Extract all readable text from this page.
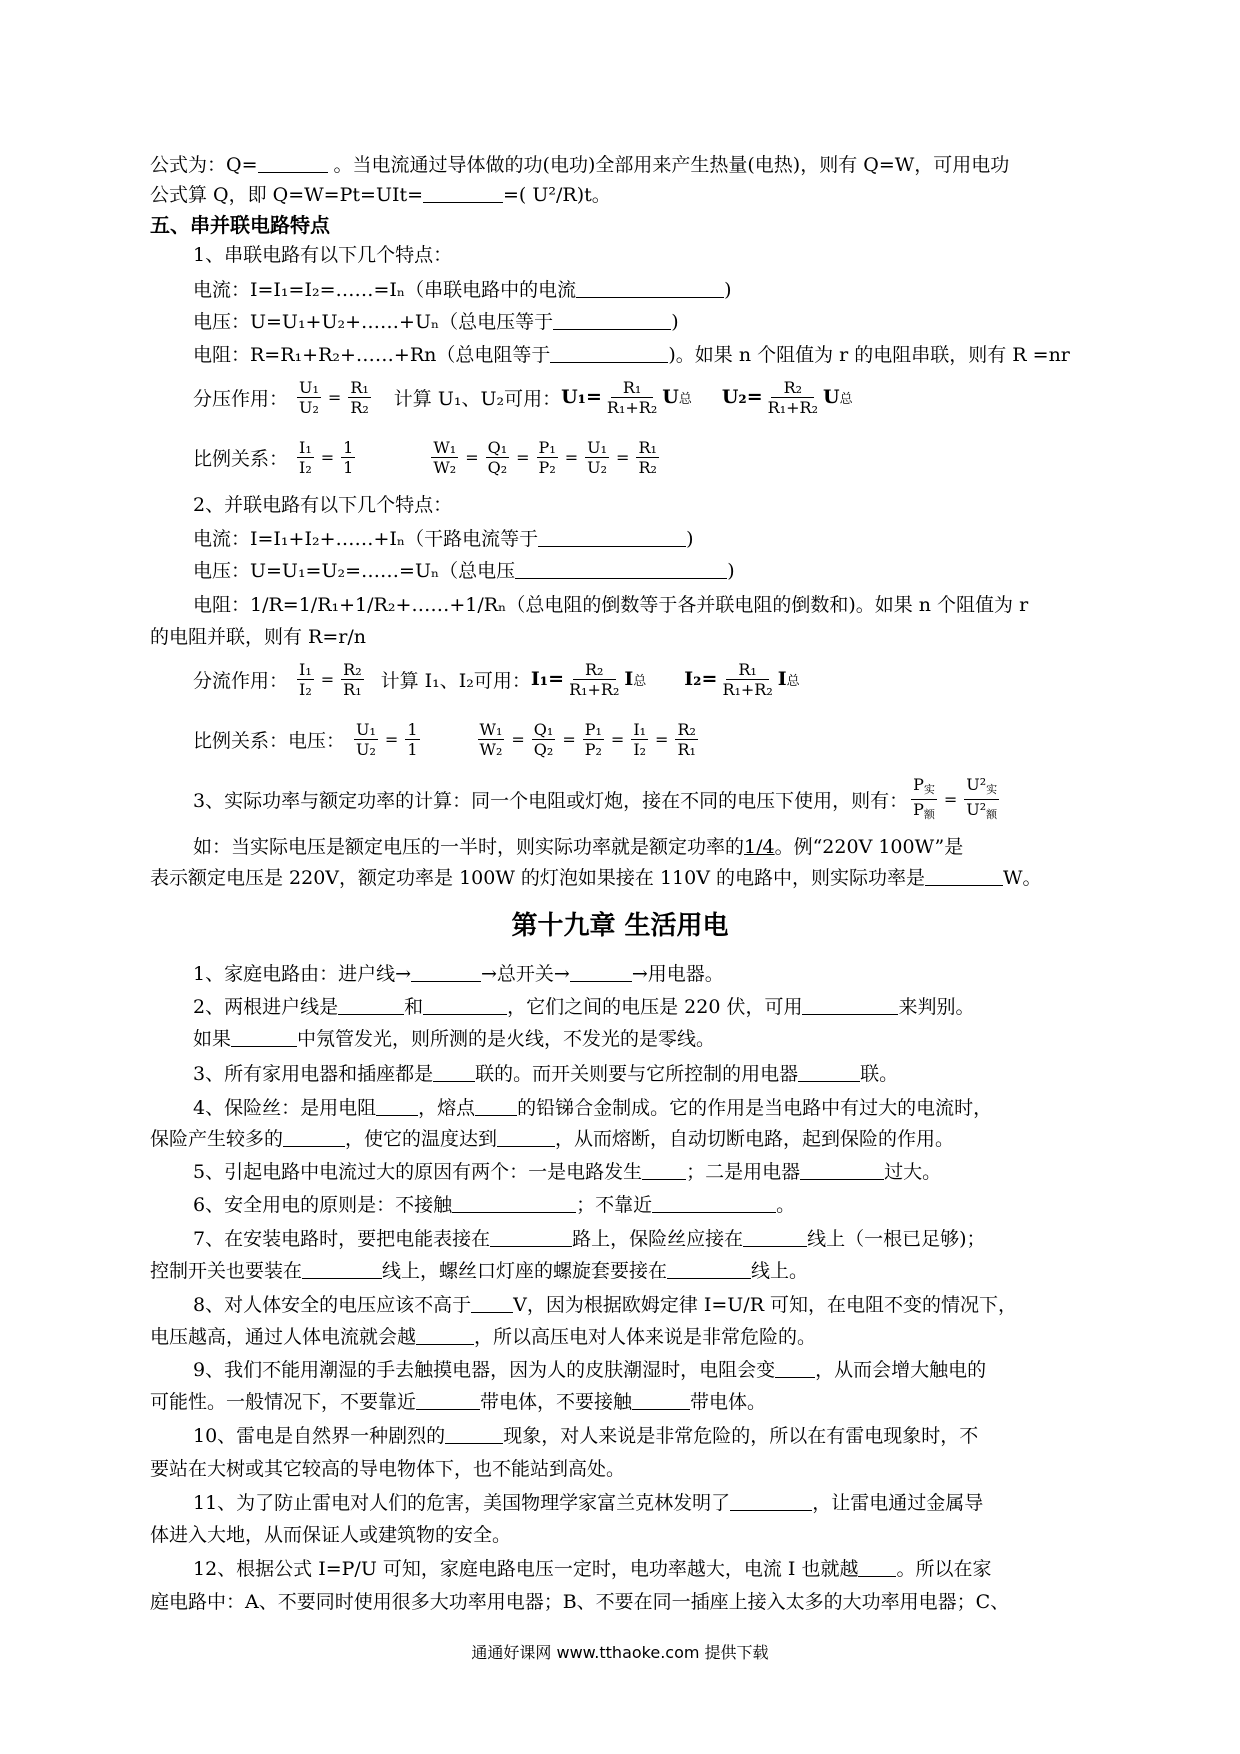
公式为：Q=	。当电流通过导体做的功(电功)全部用来产生热量(电热)，则有 Q=W，可用电功
公式算 Q，即 Q=W=Pt=UIt=	=( U²/R)t。
五、串并联电路特点
1、串联电路有以下几个特点：
电流：I=I₁=I₂=……=Iₙ（串联电路中的电流	)
电压：U=U₁+U₂+……+Uₙ（总电压等于	)
电阻：R=R₁+R₂+……+Rn（总电阻等于	)。如果 n 个阻值为 r 的电阻串联，则有 R =nr
分压作用： $\frac{\text{U₁}}{\text{U₂}} = \frac{\text{R₁}}{\text{R₂}}$ 计算 U₁、U₂可用： $U_1= \frac{\text{R₁}}{\text{R₁+R₂}}$ U 总 $U_2= \frac{\text{R₂}}{\text{R₁+R₂}}$ U 总
比例关系： $\frac{\text{I₁}}{\text{I₂}} = \frac{1}{1}$	$\frac{\text{W₁}}{\text{W₂}} = \frac{\text{Q₁}}{\text{Q₂}} = \frac{\text{P₁}}{\text{P₂}} = \frac{\text{U₁}}{\text{U₂}} = \frac{\text{R₁}}{\text{R₂}}$
2、并联电路有以下几个特点：
电流：I=I₁+I₂+……+Iₙ（干路电流等于	)
电压：U=U₁=U₂=……=Uₙ（总电压	)
电阻：1/R=1/R₁+1/R₂+……+1/Rₙ（总电阻的倒数等于各并联电阻的倒数和)。如果 n 个阻值为 r
的电阻并联，则有 R=r/n
分流作用： $\frac{\text{I₁}}{\text{I₂}} = \frac{\text{R₂}}{\text{R₁}}$ 计算 I₁、I₂可用： $I_1= \frac{\text{R₂}}{\text{R₁+R₂}}$ I 总 $I_2= \frac{\text{R₁}}{\text{R₁+R₂}}$ I 总
比例关系：电压： $\frac{\text{U₁}}{\text{U₂}} = \frac{1}{1}$	$\frac{\text{W₁}}{\text{W₂}} = \frac{\text{Q₁}}{\text{Q₂}} = \frac{\text{P₁}}{\text{P₂}} = \frac{\text{I₁}}{\text{I₂}} = \frac{\text{R₂}}{\text{R₁}}$
3、实际功率与额定功率的计算：同一个电阻或灯炮，接在不同的电压下使用，则有：
$P_实$
$P_额$
=
$U^2_实$
$U^2_额$
如：当实际电压是额定电压的一半时，则实际功率就是额定功率的1/4。例“220V 100W”是
表示额定电压是 220V，额定功率是 100W 的灯泡如果接在 110V 的电路中，则实际功率是	W。
第十九章 生活用电
1、家庭电路由：进户线→	→总开关→	→用电器。
2、两根进户线是	和	，它们之间的电压是 220 伏，可用	来判别。
如果	中氖管发光，则所测的是火线，不发光的是零线。
3、所有家用电器和插座都是 联的。而开关则要与它所控制的用电器	联。
4、保险丝：是用电阻 ，熔点 的铅锑合金制成。它的作用是当电路中有过大的电流时，
保险产生较多的	，使它的温度达到	，从而熔断，自动切断电路，起到保险的作用。
5、引起电路中电流过大的原因有两个：一是电路发生 ；二是用电器	过大。
6、安全用电的原则是：不接触	；不靠近	。
7、在安装电路时，要把电能表接在	路上，保险丝应接在	线上（一根已足够)；
控制开关也要装在	线上，螺丝口灯座的螺旋套要接在	线上。
8、对人体安全的电压应该不高于 V，因为根据欧姆定律 I=U/R 可知，在电阻不变的情况下，
电压越高，通过人体电流就会越	，所以高压电对人体来说是非常危险的。
9、我们不能用潮湿的手去触摸电器，因为人的皮肤潮湿时，电阻会变 ，从而会增大触电的
可能性。一般情况下，不要靠近	带电体，不要接触	带电体。
10、雷电是自然界一种剧烈的	现象，对人来说是非常危险的，所以在有雷电现象时，不
要站在大树或其它较高的导电物体下，也不能站到高处。
11、为了防止雷电对人们的危害，美国物理学家富兰克林发明了	，让雷电通过金属导
体进入大地，从而保证人或建筑物的安全。
12、根据公式 I=P/U 可知，家庭电路电压一定时，电功率越大，电流 I 也就越 。所以在家
庭电路中：A、不要同时使用很多大功率用电器；B、不要在同一插座上接入太多的大功率用电器；C、
通通好课网 www.tthaoke.com 提供下载
